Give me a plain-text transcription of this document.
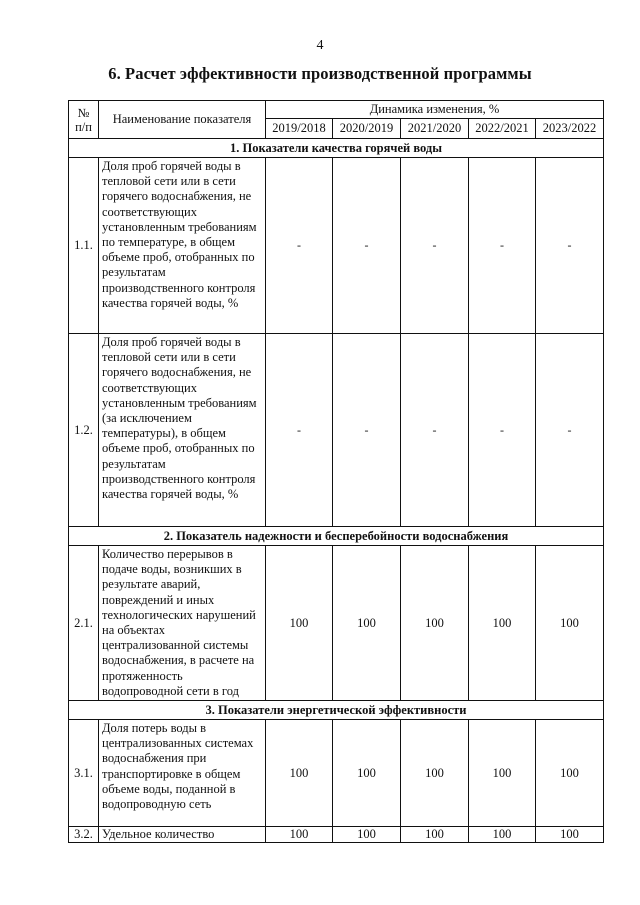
4
6. Расчет эффективности производственной программы
№ п/п	Наименование показателя	Динамика изменения, %				
		2019/2018	2020/2019	2021/2020	2022/2021	2023/2022
1. Показатели качества горячей воды						
1.1.	Доля проб горячей воды в тепловой сети или в сети горячего водоснабжения, не соответствующих установленным требованиям по температуре, в общем объеме проб, отобранных по результатам производственного контроля качества горячей воды, %	-	-	-	-	-
1.2.	Доля проб горячей воды в тепловой сети или в сети горячего водоснабжения, не соответствующих установленным требованиям (за исключением температуры), в общем объеме проб, отобранных по результатам производственного контроля качества горячей воды, %	-	-	-	-	-
2. Показатель надежности и бесперебойности водоснабжения						
2.1.	Количество перерывов в подаче воды, возникших в результате аварий, повреждений и иных технологических нарушений на объектах централизованной системы водоснабжения, в расчете на протяженность водопроводной сети в год	100	100	100	100	100
3. Показатели энергетической эффективности						
3.1.	Доля потерь воды в централизованных системах водоснабжения при транспортировке в общем объеме воды, поданной в водопроводную сеть	100	100	100	100	100
3.2.	Удельное количество	100	100	100	100	100
